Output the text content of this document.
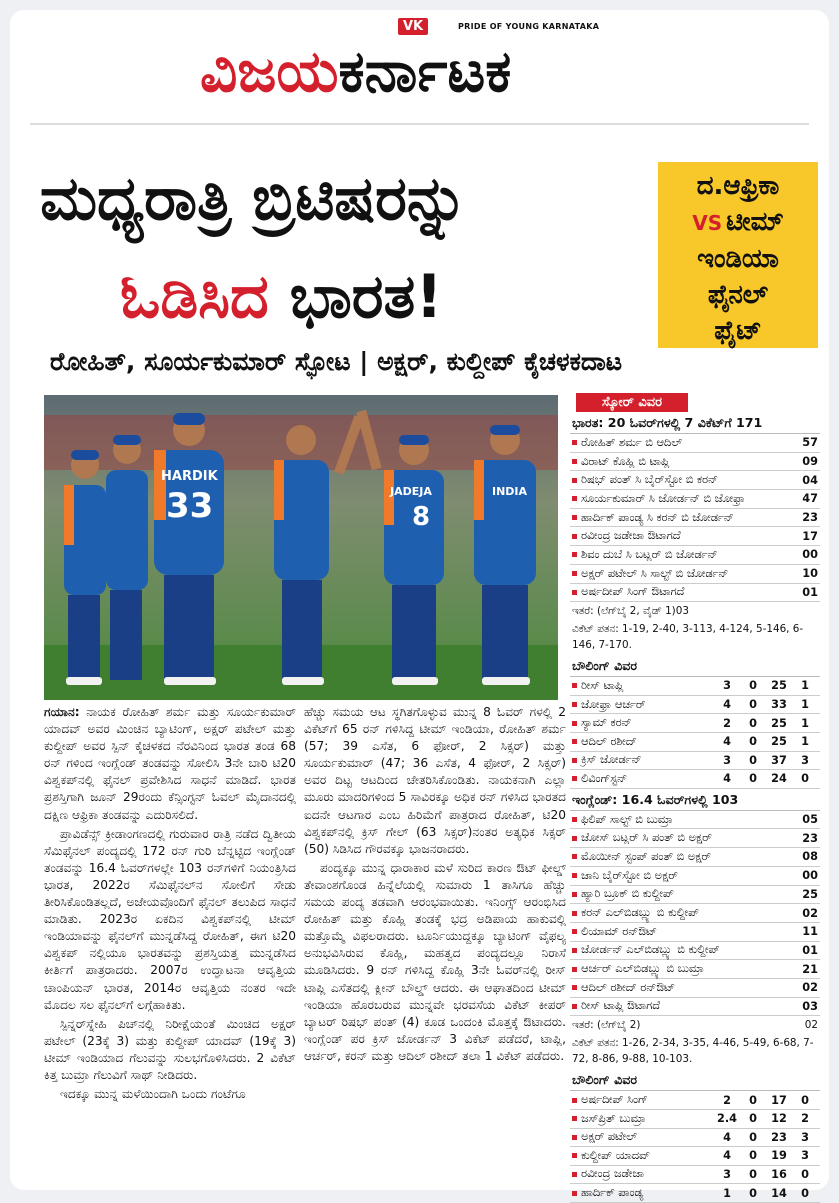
VK	PRIDE OF YOUNG KARNATAKA
ವಿಜಯಕರ್ನಾಟಕ
ಮಧ್ಯರಾತ್ರಿ ಬ್ರಿಟಿಷರನ್ನು
ಓಡಿಸಿದ ಭಾರತ!
ರೋಹಿತ್, ಸೂರ್ಯಕುಮಾರ್ ಸ್ಫೋಟ | ಅಕ್ಷರ್, ಕುಲ್ದೀಪ್ ಕೈಚಳಕದಾಟ
ದ.ಆಫ್ರಿಕಾ
VS ಟೀಮ್
ಇಂಡಿಯಾ
ಫೈನಲ್
ಫೈಟ್
HARDIK
33	JADEJA
8
INDIA

ಗಯಾನ: ನಾಯಕ ರೋಹಿತ್ ಶರ್ಮ ಮತ್ತು ಸೂರ್ಯಕುಮಾರ್ ಯಾದವ್ ಅವರ ಮಿಂಚಿನ ಬ್ಯಾಟಿಂಗ್, ಅಕ್ಷರ್ ಪಟೇಲ್ ಮತ್ತು ಕುಲ್ದೀಪ್ ಅವರ ಸ್ಪಿನ್ ಕೈಚಳಕದ ನೆರವಿನಿಂದ ಭಾರತ ತಂಡ 68 ರನ್ ಗಳಿಂದ ಇಂಗ್ಲೆಂಡ್ ತಂಡವನ್ನು ಸೋಲಿಸಿ 3ನೇ ಬಾರಿ ಟಿ20 ವಿಶ್ವಕಪ್‌ನಲ್ಲಿ ಫೈನಲ್ ಪ್ರವೇಶಿಸಿದ ಸಾಧನೆ ಮಾಡಿದೆ. ಭಾರತ ಪ್ರಶಸ್ತಿಗಾಗಿ ಜೂನ್ 29ರಂದು ಕೆನ್ಸಿಂಗ್ಟನ್ ಓವಲ್ ಮೈದಾನದಲ್ಲಿ ದಕ್ಷಿಣ ಆಫ್ರಿಕಾ ತಂಡವನ್ನು ಎದುರಿಸಲಿದೆ.

ಪ್ರಾವಿಡೆನ್ಸ್ ಕ್ರೀಡಾಂಗಣದಲ್ಲಿ ಗುರುವಾರ ರಾತ್ರಿ ನಡೆದ ದ್ವಿತೀಯ ಸೆಮಿಫೈನಲ್ ಪಂದ್ಯದಲ್ಲಿ 172 ರನ್ ಗುರಿ ಬೆನ್ನಟ್ಟಿದ ಇಂಗ್ಲೆಂಡ್ ತಂಡವನ್ನು 16.4 ಓವರ್‌ಗಳಲ್ಲೇ 103 ರನ್‌ಗಳಿಗೆ ನಿಯಂತ್ರಿಸಿದ ಭಾರತ, 2022ರ ಸೆಮಿಫೈನಲ್‌ನ ಸೋಲಿಗೆ ಸೇಡು ತೀರಿಸಿಕೊಂಡಿತಲ್ಲದೆ, ಅಜೇಯವೊಂದಿಗೆ ಫೈನಲ್ ತಲುಪಿದ ಸಾಧನೆ ಮಾಡಿತು. 2023ರ ಏಕದಿನ ವಿಶ್ವಕಪ್‌ನಲ್ಲಿ ಟೀಮ್ ಇಂಡಿಯಾವನ್ನು ಫೈನಲ್‌ಗೆ ಮುನ್ನಡೆಸಿದ್ದ ರೋಹಿತ್, ಈಗ ಟಿ20 ವಿಶ್ವಕಪ್ ನಲ್ಲಿಯೂ ಭಾರತವನ್ನು ಪ್ರಶಸ್ತಿಯತ್ತ ಮುನ್ನಡೆಸಿದ ಕೀರ್ತಿಗೆ ಪಾತ್ರರಾದರು. 2007ರ ಉದ್ಘಾಟನಾ ಆವೃತ್ತಿಯ ಚಾಂಪಿಯನ್ ಭಾರತ, 2014ರ ಆವೃತ್ತಿಯ ನಂತರ ಇದೇ ಮೊದಲ ಸಲ ಫೈನಲ್‌ಗೆ ಲಗ್ಗೆಹಾಕಿತು.

ಸ್ಪಿನ್ನರ್‌ಸ್ನೇಹಿ ಪಿಚ್‌ನಲ್ಲಿ ನಿರೀಕ್ಷೆಯಂತೆ ಮಿಂಚಿದ ಅಕ್ಷರ್ ಪಟೇಲ್ (23ಕ್ಕೆ 3) ಮತ್ತು ಕುಲ್ದೀಪ್ ಯಾದವ್ (19ಕ್ಕೆ 3) ಟೀಮ್ ಇಂಡಿಯಾದ ಗೆಲುವನ್ನು ಸುಲಭಗೊಳಿಸಿದರು. 2 ವಿಕೆಟ್ ಕಿತ್ತ ಬುಮ್ರಾ ಗೆಲುವಿಗೆ ಸಾಥ್ ನೀಡಿದರು.

ಇದಕ್ಕೂ ಮುನ್ನ ಮಳೆಯಿಂದಾಗಿ ಒಂದು ಗಂಟೆಗೂ

ಹೆಚ್ಚು ಸಮಯ ಆಟ ಸ್ಥಗಿತಗೊಳ್ಳುವ ಮುನ್ನ 8 ಓವರ್ ಗಳಲ್ಲಿ 2 ವಿಕೆಟ್‌ಗೆ 65 ರನ್ ಗಳಿಸಿದ್ದ ಟೀಮ್ ಇಂಡಿಯಾ, ರೋಹಿತ್ ಶರ್ಮ (57; 39 ಎಸೆತ, 6 ಫೋರ್, 2 ಸಿಕ್ಸರ್) ಮತ್ತು ಸೂರ್ಯಕುಮಾರ್ (47; 36 ಎಸೆತ, 4 ಫೋರ್, 2 ಸಿಕ್ಸರ್) ಅವರ ದಿಟ್ಟ ಆಟದಿಂದ ಚೇತರಿಸಿಕೊಂಡಿತು. ನಾಯಕನಾಗಿ ಎಲ್ಲಾ ಮೂರು ಮಾದರಿಗಳಿಂದ 5 ಸಾವಿರಕ್ಕೂ ಅಧಿಕ ರನ್ ಗಳಿಸಿದ ಭಾರತದ ಐದನೇ ಆಟಗಾರ ಎಂಬ ಹಿರಿಮೆಗೆ ಪಾತ್ರರಾದ ರೋಹಿತ್, ಟಿ20 ವಿಶ್ವಕಪ್‌ನಲ್ಲಿ ಕ್ರಿಸ್ ಗೇಲ್ (63 ಸಿಕ್ಸರ್)ನಂತರ ಅತ್ಯಧಿಕ ಸಿಕ್ಸರ್ (50) ಸಿಡಿಸಿದ ಗೌರವಕ್ಕೂ ಭಾಜನರಾದರು.

ಪಂದ್ಯಕ್ಕೂ ಮುನ್ನ ಧಾರಾಕಾರ ಮಳೆ ಸುರಿದ ಕಾರಣ ಔಟ್ ಫೀಲ್ಡ್ ತೇವಾಂಶಗೊಂಡ ಹಿನ್ನೆಲೆಯಲ್ಲಿ ಸುಮಾರು 1 ತಾಸಿಗೂ ಹೆಚ್ಚು ಸಮಯ ಪಂದ್ಯ ತಡವಾಗಿ ಆರಂಭವಾಯಿತು. ಇನಿಂಗ್ಸ್ ಆರಂಭಿಸಿದ ರೋಹಿತ್ ಮತ್ತು ಕೊಹ್ಲಿ ತಂಡಕ್ಕೆ ಭದ್ರ ಅಡಿಪಾಯ ಹಾಕುವಲ್ಲಿ ಮತ್ತೊಮ್ಮೆ ವಿಫಲರಾದರು. ಟೂರ್ನಿಯುದ್ದಕ್ಕೂ ಬ್ಯಾಟಿಂಗ್ ವೈಫಲ್ಯ ಅನುಭವಿಸಿರುವ ಕೊಹ್ಲಿ, ಮಹತ್ವದ ಪಂದ್ಯದಲ್ಲೂ ನಿರಾಸೆ ಮೂಡಿಸಿದರು. 9 ರನ್ ಗಳಿಸಿದ್ದ ಕೊಹ್ಲಿ 3ನೇ ಓವರ್‌ನಲ್ಲಿ ರೀಸ್ ಟಾಪ್ಲಿ ಎಸೆತದಲ್ಲಿ ಕ್ಲೀನ್ ಬೌಲ್ಡ್ ಆದರು. ಈ ಆಘಾತದಿಂದ ಟೀಮ್ ಇಂಡಿಯಾ ಹೊರಬರುವ ಮುನ್ನವೇ ಭರವಸೆಯ ವಿಕೆಟ್ ಕೀಪರ್ ಬ್ಯಾಟರ್ ರಿಷಭ್ ಪಂತ್ (4) ಕೂಡ ಒಂದಂಕಿ ಮೊತ್ತಕ್ಕೆ ಔಟಾದರು. ಇಂಗ್ಲೆಂಡ್ ಪರ ಕ್ರಿಸ್ ಜೋರ್ಡನ್ 3 ವಿಕೆಟ್ ಪಡೆದರೆ, ಟಾಪ್ಲಿ, ಆರ್ಚರ್, ಕರನ್ ಮತ್ತು ಆದಿಲ್ ರಶೀದ್ ತಲಾ 1 ವಿಕೆಟ್ ಪಡೆದರು.

ಸ್ಕೋರ್ ವಿವರ
ಭಾರತ: 20 ಓವರ್‌ಗಳಲ್ಲಿ 7 ವಿಕೆಟ್‌ಗೆ 171
ರೋಹಿತ್ ಶರ್ಮ ಬಿ ಆದಿಲ್	57
ವಿರಾಟ್ ಕೊಹ್ಲಿ ಬಿ ಟಾಪ್ಲಿ	09
ರಿಷಭ್ ಪಂತ್ ಸಿ ಬೈರ್‌ಸ್ಟೋ ಬಿ ಕರನ್	04
ಸೂರ್ಯಕುಮಾರ್ ಸಿ ಜೋರ್ಡನ್ ಬಿ ಜೋಫ್ರಾ	47
ಹಾರ್ದಿಕ್ ಪಾಂಡ್ಯ ಸಿ ಕರನ್ ಬಿ ಜೋರ್ಡನ್	23
ರವೀಂದ್ರ ಜಡೇಜಾ ಔಟಾಗದೆ	17
ಶಿವಂ ದುಬೆ ಸಿ ಬಟ್ಲರ್ ಬಿ ಜೋರ್ಡನ್	00
ಅಕ್ಷರ್ ಪಟೇಲ್ ಸಿ ಸಾಲ್ಟ್ ಬಿ ಜೋರ್ಡನ್	10
ಅರ್ಷದೀಪ್ ಸಿಂಗ್ ಔಟಾಗದೆ	01
ಇತರೆ: (ಲೆಗ್‌ಬೈ 2, ವೈಡ್ 1)03
ವಿಕೆಟ್ ಪತನ: 1-19, 2-40, 3-113, 4-124, 5-146, 6-146, 7-170.
ಬೌಲಿಂಗ್ ವಿವರ
ರೀಸ್ ಟಾಪ್ಲಿ	3	0	25	1
ಜೋಫ್ರಾ ಆರ್ಚರ್	4	0	33	1
ಸ್ಯಾಮ್ ಕರನ್	2	0	25	1
ಆದಿಲ್ ರಶೀದ್	4	0	25	1
ಕ್ರಿಸ್ ಜೋರ್ಡನ್	3	0	37	3
ಲಿವಿಂಗ್‌ಸ್ಟನ್	4	0	24	0
ಇಂಗ್ಲೆಂಡ್: 16.4 ಓವರ್‌ಗಳಲ್ಲಿ 103
ಫಿಲಿಪ್ ಸಾಲ್ಟ್ ಬಿ ಬುಮ್ರಾ	05
ಜೋಸ್ ಬಟ್ಲರ್ ಸಿ ಪಂತ್ ಬಿ ಅಕ್ಷರ್	23
ಮೊಯೀನ್ ಸ್ಟಂಪ್ ಪಂತ್ ಬಿ ಅಕ್ಷರ್	08
ಜಾನಿ ಬೈರ್‌ಸ್ಟೋ ಬಿ ಅಕ್ಷರ್	00
ಹ್ಯಾರಿ ಬ್ರೂಕ್ ಬಿ ಕುಲ್ದೀಪ್	25
ಕರನ್ ಎಲ್‌ಬಿಡಬ್ಲ್ಯು ಬಿ ಕುಲ್ದೀಪ್	02
ಲಿಯಾಮ್ ರನ್‌ಔಟ್	11
ಜೋರ್ಡನ್ ಎಲ್‌ಬಿಡಬ್ಲ್ಯು ಬಿ ಕುಲ್ದೀಪ್	01
ಆರ್ಚರ್ ಎಲ್‌ಬಿಡಬ್ಲ್ಯು ಬಿ ಬುಮ್ರಾ	21
ಆದಿಲ್ ರಶೀದ್ ರನ್‌ಔಟ್	02
ರೀಸ್ ಟಾಪ್ಲಿ ಔಟಾಗದೆ	03
ಇತರೆ: (ಲೆಗ್‌ಬೈ 2)	02
ವಿಕೆಟ್ ಪತನ: 1-26, 2-34, 3-35, 4-46, 5-49, 6-68, 7-72, 8-86, 9-88, 10-103.
ಬೌಲಿಂಗ್ ವಿವರ
ಅರ್ಷದೀಪ್ ಸಿಂಗ್	2	0	17	0
ಜಸ್‌ಪ್ರಿತ್ ಬುಮ್ರಾ	2.4	0	12	2
ಅಕ್ಷರ್ ಪಟೇಲ್	4	0	23	3
ಕುಲ್ದೀಪ್ ಯಾದವ್	4	0	19	3
ರವೀಂದ್ರ ಜಡೇಜಾ	3	0	16	0
ಹಾರ್ದಿಕ್ ಪಾಂಡ್ಯ	1	0	14	0
